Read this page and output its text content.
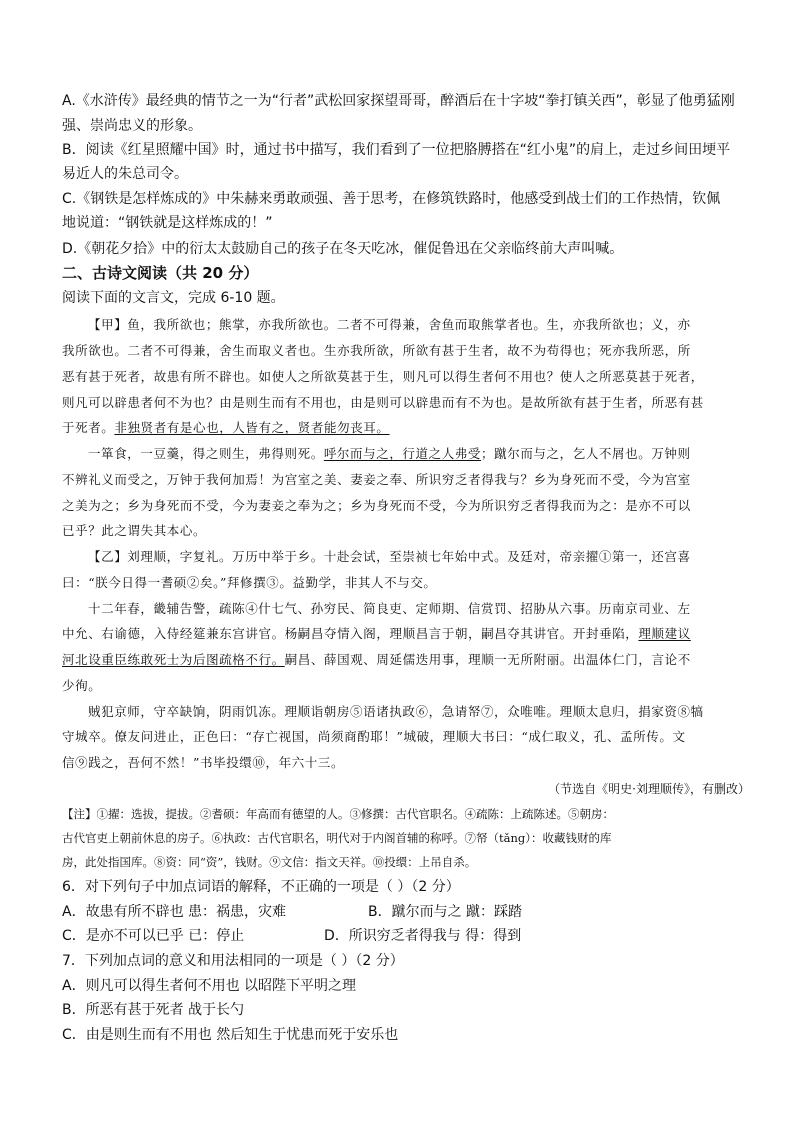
A.《水浒传》最经典的情节之一为“行者”武松回家探望哥哥，醉酒后在十字坡“拳打镇关西”，彰显了他勇猛刚
强、崇尚忠义的形象。
B．阅读《红星照耀中国》时，通过书中描写，我们看到了一位把胳膊搭在“红小鬼”的肩上，走过乡间田埂平
易近人的朱总司令。
C.《钢铁是怎样炼成的》中朱赫来勇敢顽强、善于思考，在修筑铁路时，他感受到战士们的工作热情，钦佩
地说道：“钢铁就是这样炼成的！”
D.《朝花夕拾》中的衍太太鼓励自己的孩子在冬天吃冰，催促鲁迅在父亲临终前大声叫喊。
二、古诗文阅读（共 20 分）
阅读下面的文言文，完成 6-10 题。
【甲】鱼，我所欲也；熊掌，亦我所欲也。二者不可得兼，舍鱼而取熊掌者也。生，亦我所欲也；义，亦
我所欲也。二者不可得兼，舍生而取义者也。生亦我所欲，所欲有甚于生者，故不为苟得也；死亦我所恶，所
恶有甚于死者，故患有所不辟也。如使人之所欲莫甚于生，则凡可以得生者何不用也？使人之所恶莫甚于死者，
则凡可以辟患者何不为也？由是则生而有不用也，由是则可以辟患而有不为也。是故所欲有甚于生者，所恶有甚
于死者。非独贤者有是心也，人皆有之，贤者能勿丧耳。
一箪食，一豆羹，得之则生，弗得则死。呼尔而与之，行道之人弗受；蹴尔而与之，乞人不屑也。万钟则
不辨礼义而受之，万钟于我何加焉！为宫室之美、妻妾之奉、所识穷乏者得我与？乡为身死而不受，今为宫室
之美为之；乡为身死而不受，今为妻妾之奉为之；乡为身死而不受，今为所识穷乏者得我而为之：是亦不可以
已乎？此之谓失其本心。
【乙】刘理顺，字复礼。万历中举于乡。十赴会试，至崇祯七年始中式。及廷对，帝亲擢①第一，还宫喜
曰：“朕今日得一耆硕②矣。”拜修撰③。益勤学，非其人不与交。
十二年春，畿辅告警，疏陈④什七气、孙穷民、简良吏、定师期、信赏罚、招胁从六事。历南京司业、左
中允、右谕德，入侍经筵兼东宫讲官。杨嗣昌夺情入阁，理顺昌言于朝，嗣昌夺其讲官。开封垂陷，理顺建议
河北设重臣练敢死士为后图疏格不行。嗣昌、薛国观、周延儒迭用事，理顺一无所附丽。出温体仁门，言论不
少徇。
贼犯京师，守卒缺饷，阴雨饥冻。理顺诣朝房⑤语诸执政⑥，急请帑⑦，众唯唯。理顺太息归，捐家资⑧犒
守城卒。僚友问进止，正色曰：“存亡视国，尚须商酌耶！”城破，理顺大书曰：“成仁取义，孔、孟所传。文
信⑨践之，吾何不然！”书毕投缳⑩，年六十三。
（节选自《明史·刘理顺传》，有删改）
【注】①擢：选拔，提拔。②耆硕：年高而有德望的人。③修撰：古代官职名。④疏陈：上疏陈述。⑤朝房：
古代官吏上朝前休息的房子。⑥执政：古代官职名，明代对于内阁首辅的称呼。⑦帑（tǎng）：收藏钱财的库
房，此处指国库。⑧资：同“资”，钱财。⑨文信：指文天祥。⑩投缳：上吊自杀。
6．对下列句子中加点词语的解释，不正确的一项是（ ）（2 分）
A．故患有所不辟也 患：祸患，灾难	B．蹴尔而与之 蹴：踩踏
C．是亦不可以已乎 已：停止	D．所识穷乏者得我与 得：得到
7．下列加点词的意义和用法相同的一项是（ ）（2 分）
A．则凡可以得生者何不用也 以昭陛下平明之理
B．所恶有甚于死者 战于长勺
C．由是则生而有不用也 然后知生于忧患而死于安乐也
